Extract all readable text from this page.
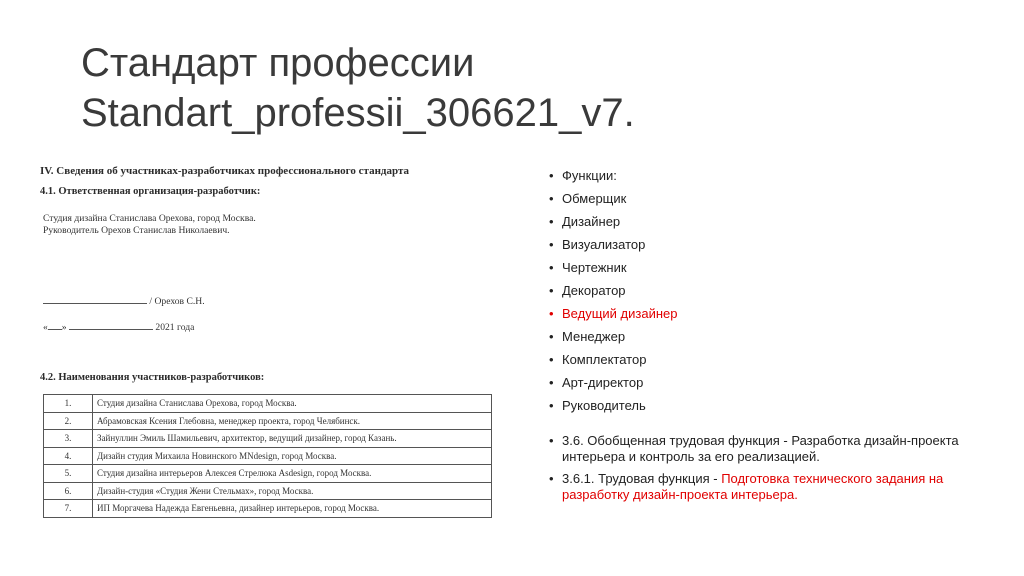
Стандарт профессии
Standart_professii_306621_v7.
IV. Сведения об участниках-разработчиках профессионального стандарта
4.1. Ответственная организация-разработчик:
Студия дизайна Станислава Орехова, город Москва.
Руководитель Орехов Станислав Николаевич.
/ Орехов С.Н.
« »	2021 года
4.2. Наименования участников-разработчиков:
1.	Студия дизайна Станислава Орехова, город Москва.
2.	Абрамовская Ксения Глебовна, менеджер проекта, город Челябинск.
3.	Зайнуллин Эмиль Шамильевич, архитектор, ведущий дизайнер, город Казань.
4.	Дизайн студия Михаила Новинского MNdesign, город Москва.
5.	Студия дизайна интерьеров Алексея Стрелюка Asdesign, город Москва.
6.	Дизайн-студия «Студия Жени Стельмах», город Москва.
7.	ИП Моргачева Надежда Евгеньевна, дизайнер интерьеров, город Москва.
• Функции:
• Обмерщик
• Дизайнер
• Визуализатор
• Чертежник
• Декоратор
• Ведущий дизайнер
• Менеджер
• Комплектатор
• Арт-директор
• Руководитель
• 3.6. Обобщенная трудовая функция - Разработка дизайн-проекта интерьера и контроль за его реализацией.
• 3.6.1. Трудовая функция - Подготовка технического задания на разработку дизайн-проекта интерьера.
